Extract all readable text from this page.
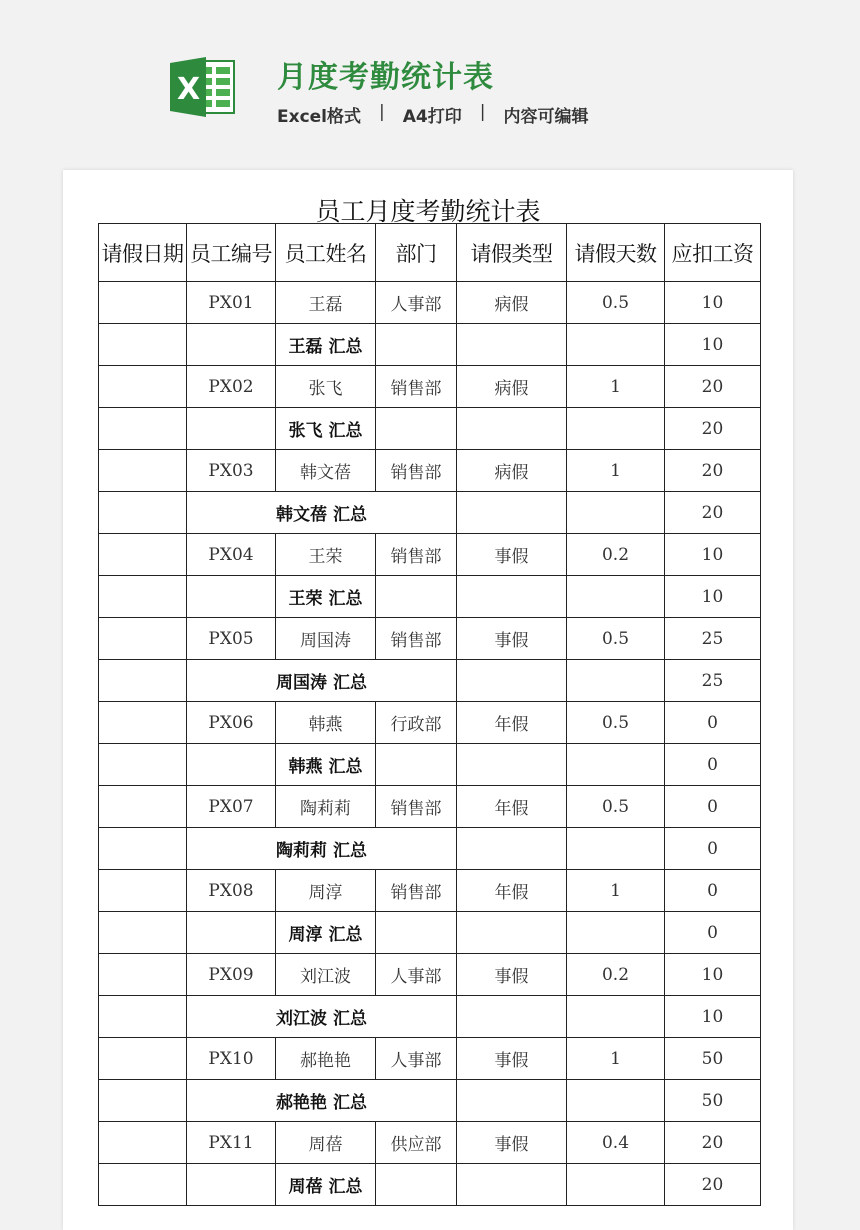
X	月度考勤统计表
Excel格式 | A4打印 | 内容可编辑
员工月度考勤统计表
请假日期	员工编号	员工姓名	部门	请假类型	请假天数	应扣工资
	PX01	王磊	人事部	病假	0.5	10
		王磊 汇总				10
	PX02	张飞	销售部	病假	1	20
		张飞 汇总				20
	PX03	韩文蓓	销售部	病假	1	20
	韩文蓓 汇总					20
	PX04	王荣	销售部	事假	0.2	10
		王荣 汇总				10
	PX05	周国涛	销售部	事假	0.5	25
	周国涛 汇总					25
	PX06	韩燕	行政部	年假	0.5	0
		韩燕 汇总				0
	PX07	陶莉莉	销售部	年假	0.5	0
	陶莉莉 汇总					0
	PX08	周淳	销售部	年假	1	0
		周淳 汇总				0
	PX09	刘江波	人事部	事假	0.2	10
	刘江波 汇总					10
	PX10	郝艳艳	人事部	事假	1	50
	郝艳艳 汇总					50
	PX11	周蓓	供应部	事假	0.4	20
		周蓓 汇总				20
